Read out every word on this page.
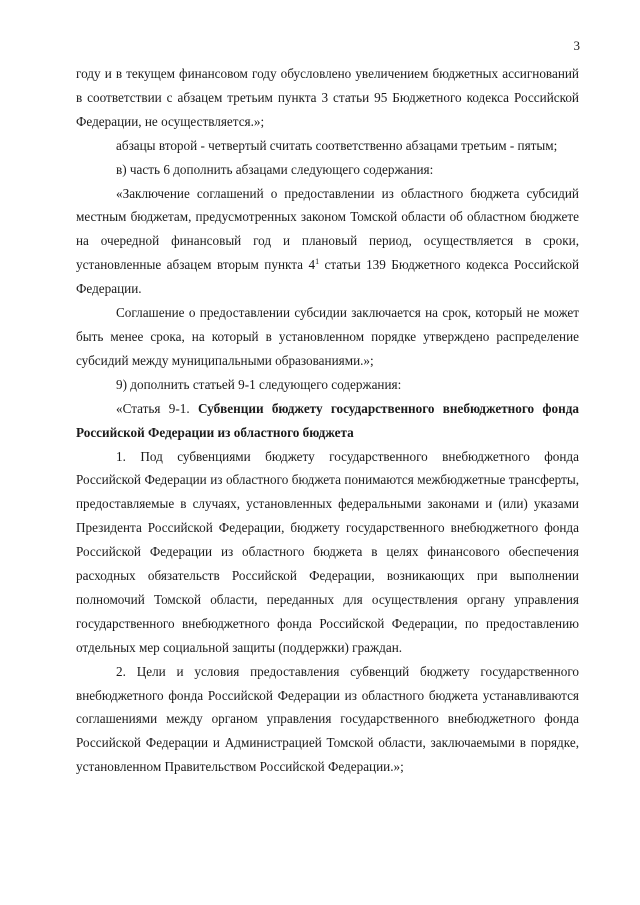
3

году и в текущем финансовом году обусловлено увеличением бюджетных ассигнований в соответствии с абзацем третьим пункта 3 статьи 95 Бюджетного кодекса Российской Федерации, не осуществляется.»;

абзацы второй - четвертый считать соответственно абзацами третьим - пятым;

в) часть 6 дополнить абзацами следующего содержания:

«Заключение соглашений о предоставлении из областного бюджета субсидий местным бюджетам, предусмотренных законом Томской области об областном бюджете на очередной финансовый год и плановый период, осуществляется в сроки, установленные абзацем вторым пункта $4^1$ статьи 139 Бюджетного кодекса Российской Федерации.

Соглашение о предоставлении субсидии заключается на срок, который не может быть менее срока, на который в установленном порядке утверждено распределение субсидий между муниципальными образованиями.»;

9) дополнить статьей 9-1 следующего содержания:

«Статья 9-1. Субвенции бюджету государственного внебюджетного фонда Российской Федерации из областного бюджета

1. Под субвенциями бюджету государственного внебюджетного фонда Российской Федерации из областного бюджета понимаются межбюджетные трансферты, предоставляемые в случаях, установленных федеральными законами и (или) указами Президента Российской Федерации, бюджету государственного внебюджетного фонда Российской Федерации из областного бюджета в целях финансового обеспечения расходных обязательств Российской Федерации, возникающих при выполнении полномочий Томской области, переданных для осуществления органу управления государственного внебюджетного фонда Российской Федерации, по предоставлению отдельных мер социальной защиты (поддержки) граждан.

2. Цели и условия предоставления субвенций бюджету государственного внебюджетного фонда Российской Федерации из областного бюджета устанавливаются соглашениями между органом управления государственного внебюджетного фонда Российской Федерации и Администрацией Томской области, заключаемыми в порядке, установленном Правительством Российской Федерации.»;
